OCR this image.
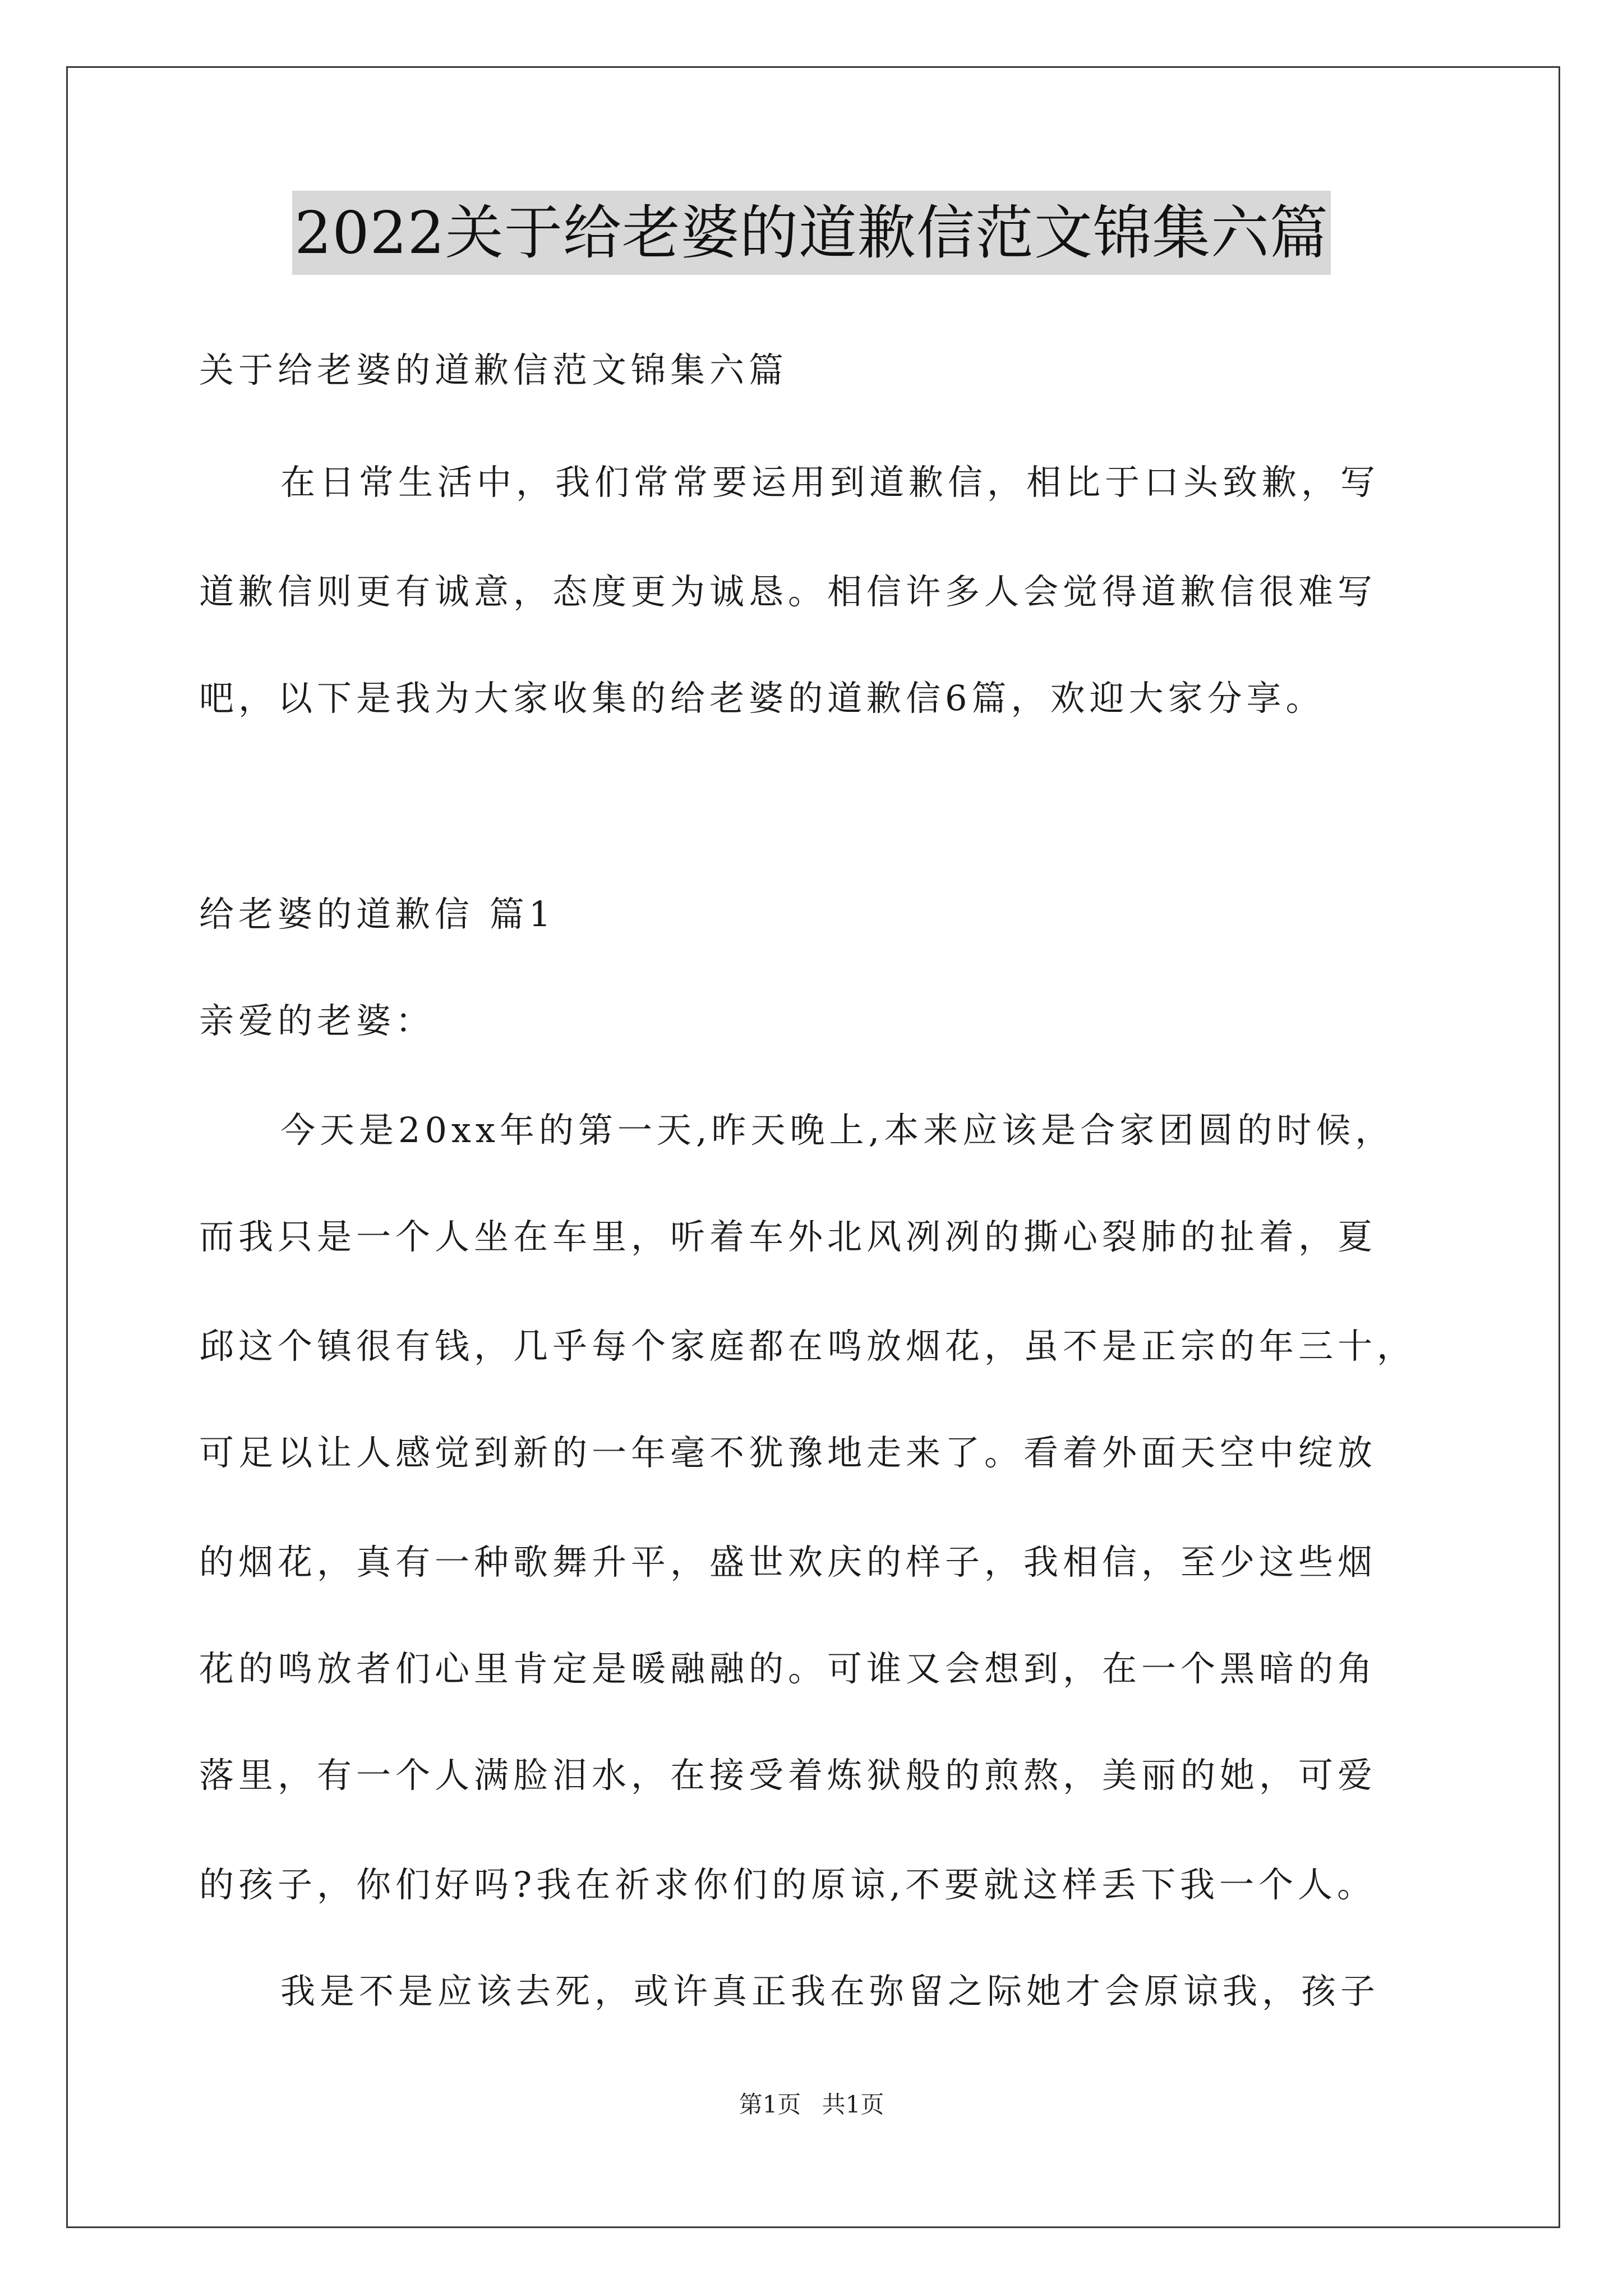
2022关于给老婆的道歉信范文锦集六篇
关于给老婆的道歉信范文锦集六篇
在日常生活中，我们常常要运用到道歉信，相比于口头致歉，写
道歉信则更有诚意，态度更为诚恳。相信许多人会觉得道歉信很难写
吧，以下是我为大家收集的给老婆的道歉信6篇，欢迎大家分享。
给老婆的道歉信 篇1
亲爱的老婆：
今天是20xx年的第一天,昨天晚上,本来应该是合家团圆的时候，
而我只是一个人坐在车里，听着车外北风冽冽的撕心裂肺的扯着，夏
邱这个镇很有钱，几乎每个家庭都在鸣放烟花，虽不是正宗的年三十，
可足以让人感觉到新的一年毫不犹豫地走来了。看着外面天空中绽放
的烟花，真有一种歌舞升平，盛世欢庆的样子，我相信，至少这些烟
花的鸣放者们心里肯定是暖融融的。可谁又会想到，在一个黑暗的角
落里，有一个人满脸泪水，在接受着炼狱般的煎熬，美丽的她，可爱
的孩子，你们好吗?我在祈求你们的原谅,不要就这样丢下我一个人。
我是不是应该去死，或许真正我在弥留之际她才会原谅我，孩子
第1页 共1页
